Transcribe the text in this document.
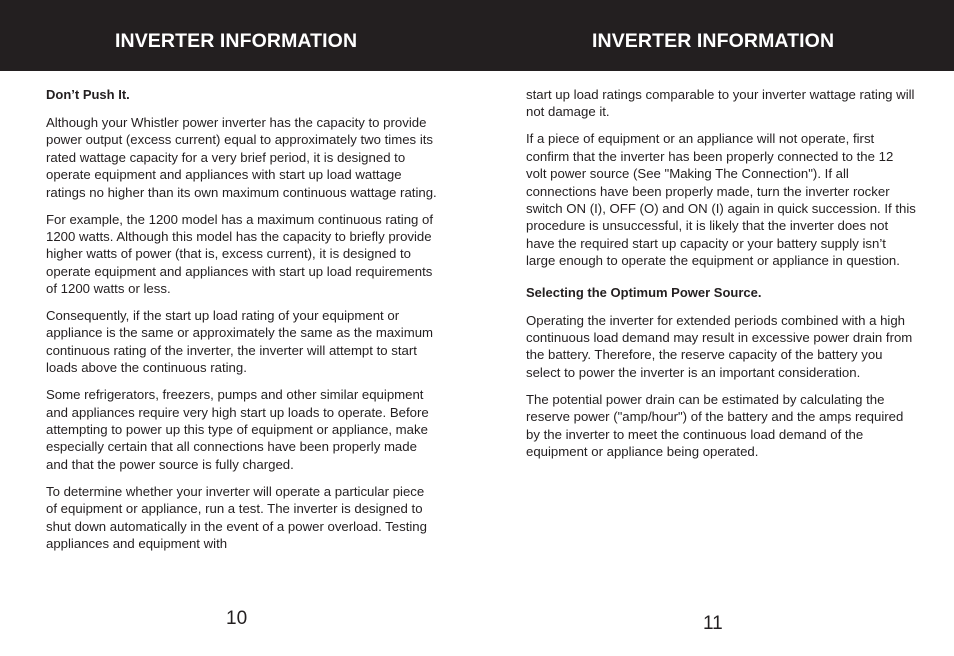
INVERTER INFORMATION	INVERTER INFORMATION
Don’t Push It.

Although your Whistler power inverter has the capacity to provide power output (excess current) equal to approximately two times its rated wattage capacity for a very brief period, it is designed to operate equipment and appliances with start up load wattage ratings no higher than its own maximum continuous wattage rating.

For example, the 1200 model has a maximum continuous rating of 1200 watts. Although this model has the capacity to briefly provide higher watts of power (that is, excess current), it is designed to operate equipment and appliances with start up load requirements of 1200 watts or less.

Consequently, if the start up load rating of your equipment or appliance is the same or approximately the same as the maximum continuous rating of the inverter, the inverter will attempt to start loads above the continuous rating.

Some refrigerators, freezers, pumps and other similar equipment and appliances require very high start up loads to operate. Before attempting to power up this type of equipment or appliance, make especially certain that all connections have been properly made and that the power source is fully charged.

To determine whether your inverter will operate a particular piece of equipment or appliance, run a test. The inverter is designed to shut down automatically in the event of a power overload. Testing appliances and equipment with

start up load ratings comparable to your inverter wattage rating will not damage it.

If a piece of equipment or an appliance will not operate, first confirm that the inverter has been properly connected to the 12 volt power source (See "Making The Connection"). If all connections have been properly made, turn the inverter rocker switch ON (I), OFF (O) and ON (I) again in quick succession. If this procedure is unsuccessful, it is likely that the inverter does not have the required start up capacity or your battery supply isn’t large enough to operate the equipment or appliance in question.

Selecting the Optimum Power Source.

Operating the inverter for extended periods combined with a high continuous load demand may result in excessive power drain from the battery. Therefore, the reserve capacity of the battery you select to power the inverter is an important consideration.

The potential power drain can be estimated by calculating the reserve power ("amp/hour") of the battery and the amps required by the inverter to meet the continuous load demand of the equipment or appliance being operated.

10	11
